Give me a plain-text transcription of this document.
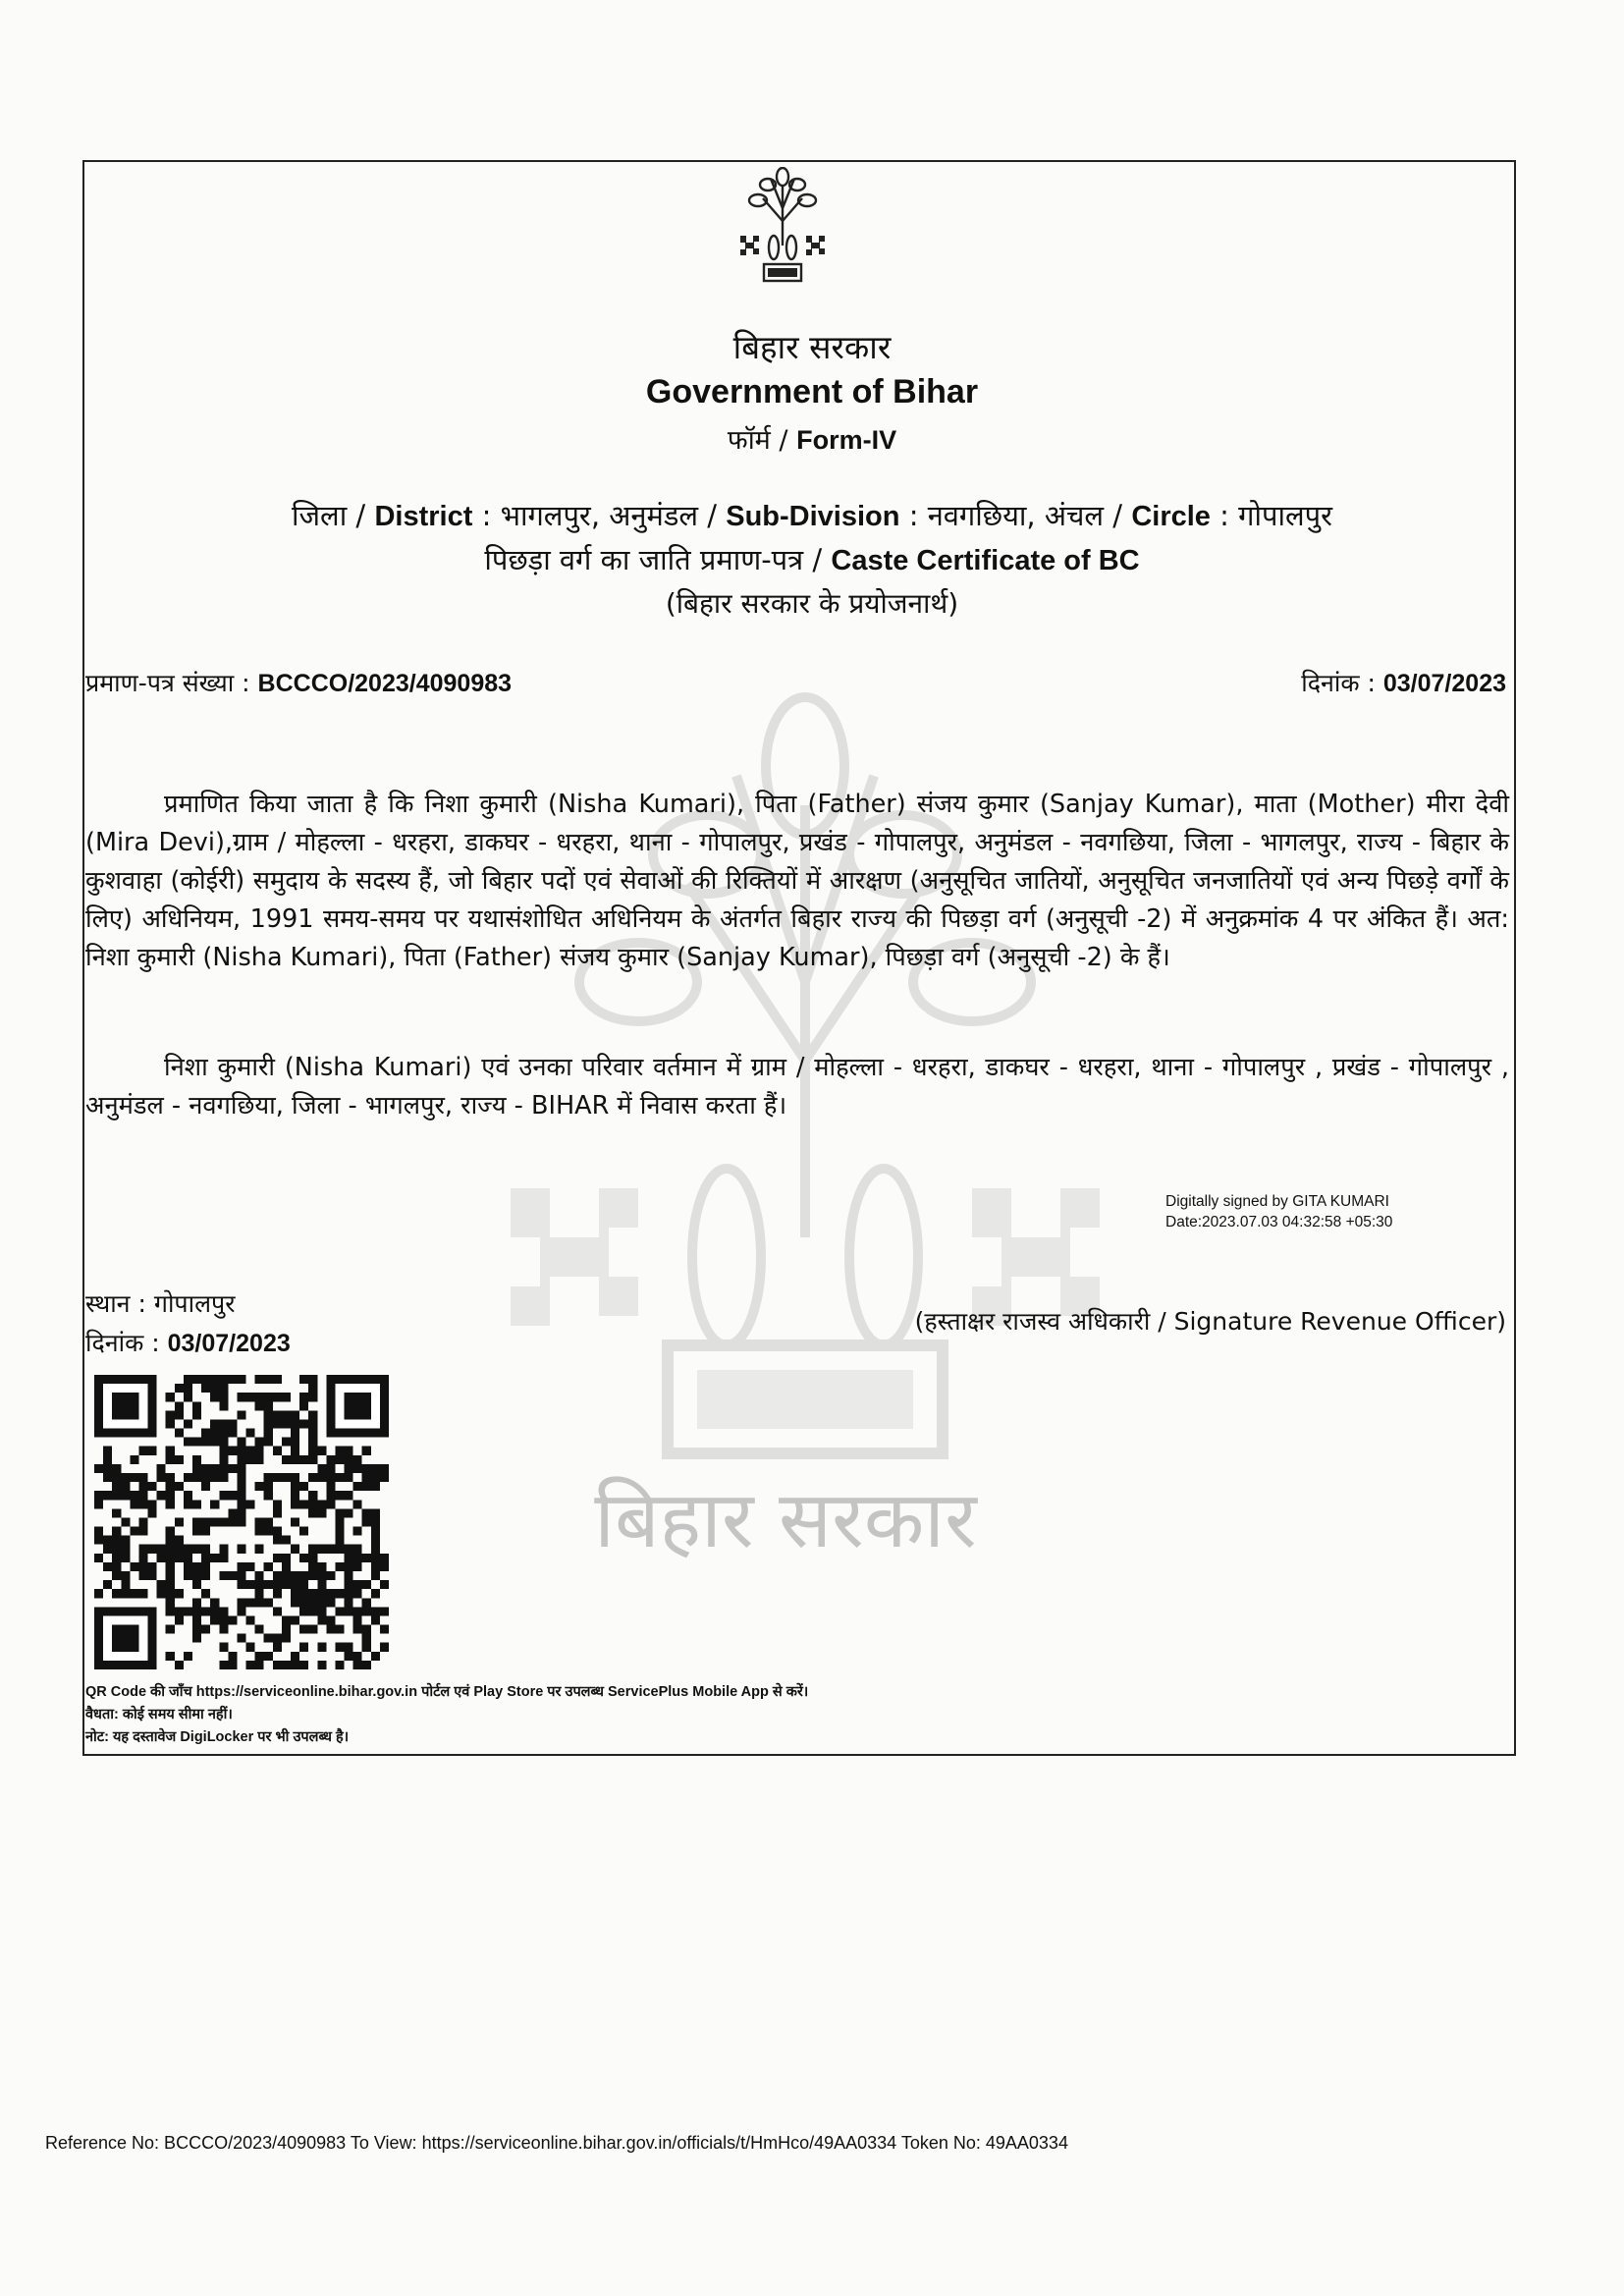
बिहार सरकार
बिहार सरकार
Government of Bihar
फॉर्म / Form-IV
जिला / District : भागलपुर, अनुमंडल / Sub-Division : नवगछिया, अंचल / Circle : गोपालपुर
पिछड़ा वर्ग का जाति प्रमाण-पत्र / Caste Certificate of BC
(बिहार सरकार के प्रयोजनार्थ)
प्रमाण-पत्र संख्या : BCCCO/2023/4090983	दिनांक : 03/07/2023
प्रमाणित किया जाता है कि निशा कुमारी (Nisha Kumari), पिता (Father) संजय कुमार (Sanjay Kumar), माता (Mother) मीरा देवी (Mira Devi),ग्राम / मोहल्ला - धरहरा, डाकघर - धरहरा, थाना - गोपालपुर, प्रखंड - गोपालपुर, अनुमंडल - नवगछिया, जिला - भागलपुर, राज्य - बिहार के कुशवाहा (कोईरी) समुदाय के सदस्य हैं, जो बिहार पदों एवं सेवाओं की रिक्तियों में आरक्षण (अनुसूचित जातियों, अनुसूचित जनजातियों एवं अन्य पिछड़े वर्गों के लिए) अधिनियम, 1991 समय-समय पर यथासंशोधित अधिनियम के अंतर्गत बिहार राज्य की पिछड़ा वर्ग (अनुसूची -2) में अनुक्रमांक 4 पर अंकित हैं। अत: निशा कुमारी (Nisha Kumari), पिता (Father) संजय कुमार (Sanjay Kumar), पिछड़ा वर्ग (अनुसूची -2) के हैं।
निशा कुमारी (Nisha Kumari) एवं उनका परिवार वर्तमान में ग्राम / मोहल्ला - धरहरा, डाकघर - धरहरा, थाना - गोपालपुर , प्रखंड - गोपालपुर , अनुमंडल - नवगछिया, जिला - भागलपुर, राज्य - BIHAR में निवास करता हैं।
Digitally signed by GITA KUMARI
Date:2023.07.03 04:32:58 +05:30
स्थान : गोपालपुर
दिनांक : 03/07/2023
(हस्ताक्षर राजस्व अधिकारी / Signature Revenue Officer)
QR Code की जाँच https://serviceonline.bihar.gov.in पोर्टल एवं Play Store पर उपलब्ध ServicePlus Mobile App से करें।
वैधता: कोई समय सीमा नहीं।
नोट: यह दस्तावेज DigiLocker पर भी उपलब्ध है।
Reference No: BCCCO/2023/4090983 To View: https://serviceonline.bihar.gov.in/officials/t/HmHco/49AA0334 Token No: 49AA0334
